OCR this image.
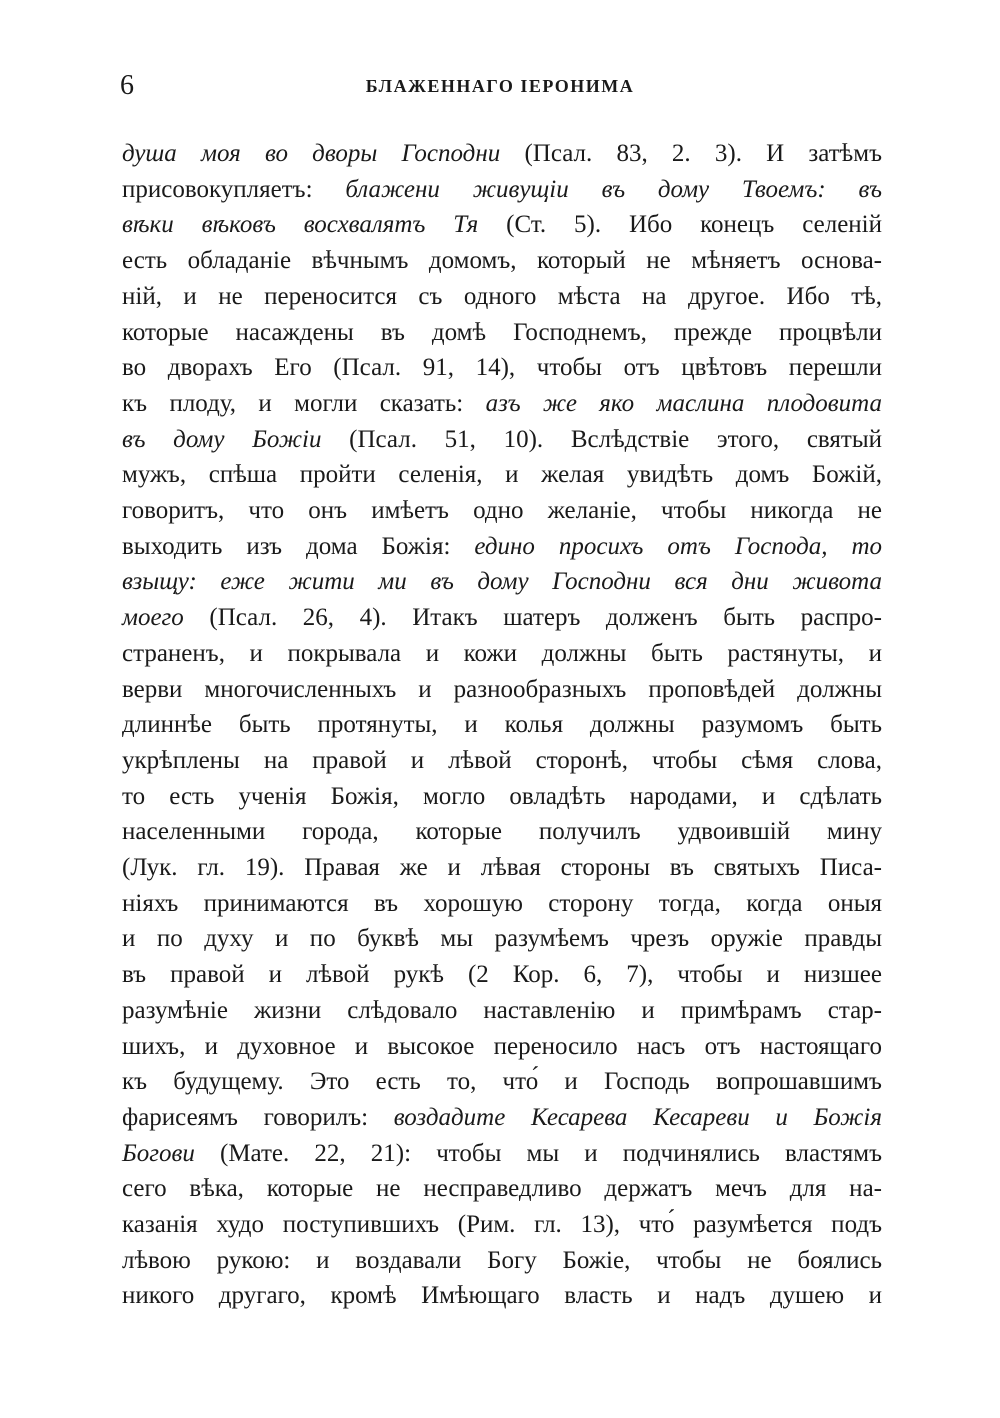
6	БЛАЖЕННАГО ІЕРОНИМА
душа моя во дворы Господни (Псал. 83, 2. 3). И затѣмъ
присовокупляетъ: блажени живущіи въ дому Твоемъ: въ
вѣки вѣковъ восхвалятъ Тя (Ст. 5). Ибо конецъ селеній
есть обладаніе вѣчнымъ домомъ, который не мѣняетъ основа-
ній, и не переносится съ одного мѣста на другое. Ибо тѣ,
которые насаждены въ домѣ Господнемъ, прежде процвѣли
во дворахъ Его (Псал. 91, 14), чтобы отъ цвѣтовъ перешли
къ плоду, и могли сказать: азъ же яко маслина плодовита
въ дому Божіи (Псал. 51, 10). Вслѣдствіе этого, святый
мужъ, спѣша пройти селенія, и желая увидѣть домъ Божій,
говоритъ, что онъ имѣетъ одно желаніе, чтобы никогда не
выходить изъ дома Божія: едино просихъ отъ Господа, то
взыщу: еже жити ми въ дому Господни вся дни живота
моего (Псал. 26, 4). Итакъ шатеръ долженъ быть распро-
страненъ, и покрывала и кожи должны быть растянуты, и
верви многочисленныхъ и разнообразныхъ проповѣдей должны
длиннѣе быть протянуты, и колья должны разумомъ быть
укрѣплены на правой и лѣвой сторонѣ, чтобы сѣмя слова,
то есть ученія Божія, могло овладѣть народами, и сдѣлать
населенными города, которые получилъ удвоившій мину
(Лук. гл. 19). Правая же и лѣвая стороны въ святыхъ Писа-
ніяхъ принимаются въ хорошую сторону тогда, когда оныя
и по духу и по буквѣ мы разумѣемъ чрезъ оружіе правды
въ правой и лѣвой рукѣ (2 Кор. 6, 7), чтобы и низшее
разумѣніе жизни слѣдовало наставленію и примѣрамъ стар-
шихъ, и духовное и высокое переносило насъ отъ настоящаго
къ будущему. Это есть то, что́ и Господь вопрошавшимъ
фарисеямъ говорилъ: воздадите Кесарева Кесареви и Божія
Богови (Мате. 22, 21): чтобы мы и подчинялись властямъ
сего вѣка, которые не несправедливо держатъ мечъ для на-
казанія худо поступившихъ (Рим. гл. 13), что́ разумѣется подъ
лѣвою рукою: и воздавали Богу Божіе, чтобы не боялись
никого другаго, кромѣ Имѣющаго власть и надъ душею и
